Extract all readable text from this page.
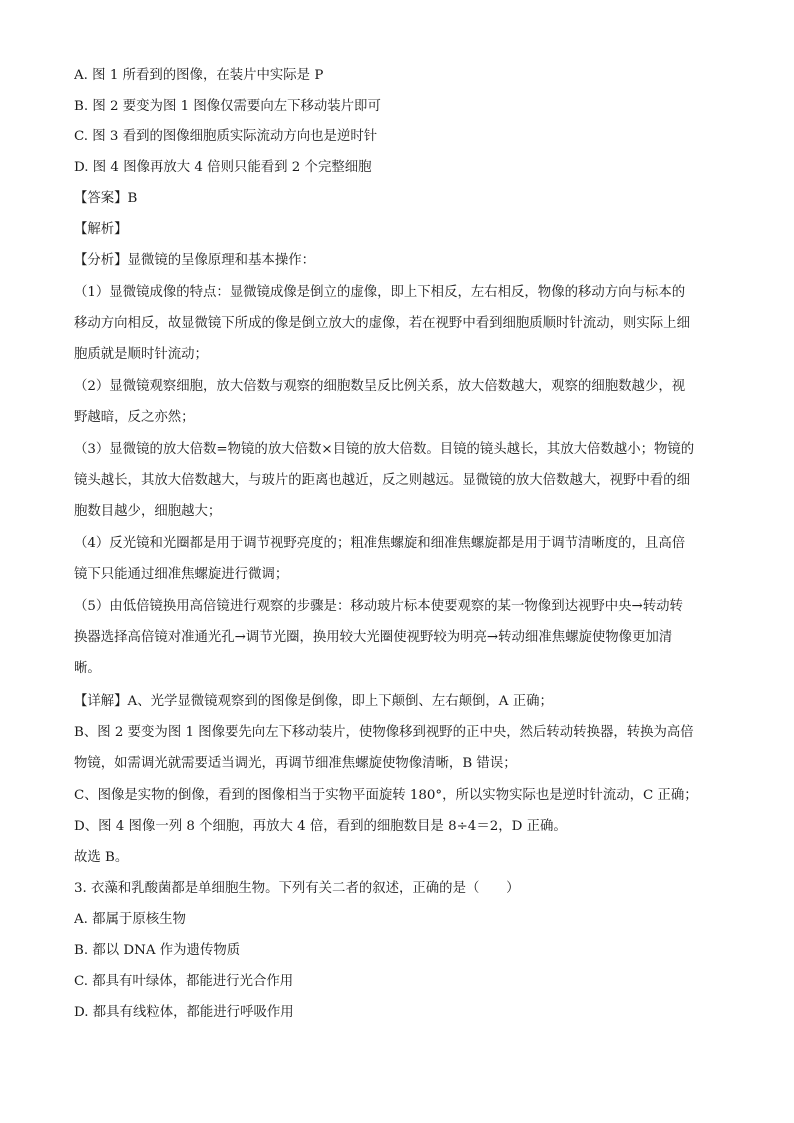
A. 图 1 所看到的图像，在装片中实际是 P
B. 图 2 要变为图 1 图像仅需要向左下移动装片即可
C. 图 3 看到的图像细胞质实际流动方向也是逆时针
D. 图 4 图像再放大 4 倍则只能看到 2 个完整细胞
【答案】B
【解析】
【分析】显微镜的呈像原理和基本操作：
（1）显微镜成像的特点：显微镜成像是倒立的虚像，即上下相反，左右相反，物像的移动方向与标本的
移动方向相反，故显微镜下所成的像是倒立放大的虚像，若在视野中看到细胞质顺时针流动，则实际上细
胞质就是顺时针流动；
（2）显微镜观察细胞，放大倍数与观察的细胞数呈反比例关系，放大倍数越大，观察的细胞数越少，视
野越暗，反之亦然；
（3）显微镜的放大倍数=物镜的放大倍数×目镜的放大倍数。目镜的镜头越长，其放大倍数越小；物镜的
镜头越长，其放大倍数越大，与玻片的距离也越近，反之则越远。显微镜的放大倍数越大，视野中看的细
胞数目越少，细胞越大；
（4）反光镜和光圈都是用于调节视野亮度的；粗准焦螺旋和细准焦螺旋都是用于调节清晰度的，且高倍
镜下只能通过细准焦螺旋进行微调；
（5）由低倍镜换用高倍镜进行观察的步骤是：移动玻片标本使要观察的某一物像到达视野中央→转动转
换器选择高倍镜对准通光孔→调节光圈，换用较大光圈使视野较为明亮→转动细准焦螺旋使物像更加清
晰。
【详解】A、光学显微镜观察到的图像是倒像，即上下颠倒、左右颠倒，A 正确；
B、图 2 要变为图 1 图像要先向左下移动装片，使物像移到视野的正中央，然后转动转换器，转换为高倍
物镜，如需调光就需要适当调光，再调节细准焦螺旋使物像清晰，B 错误；
C、图像是实物的倒像，看到的图像相当于实物平面旋转 180°，所以实物实际也是逆时针流动，C 正确；
D、图 4 图像一列 8 个细胞，再放大 4 倍，看到的细胞数目是 8÷4＝2，D 正确。
故选 B。
3. 衣藻和乳酸菌都是单细胞生物。下列有关二者的叙述，正确的是（　　）
A. 都属于原核生物
B. 都以 DNA 作为遗传物质
C. 都具有叶绿体，都能进行光合作用
D. 都具有线粒体，都能进行呼吸作用
